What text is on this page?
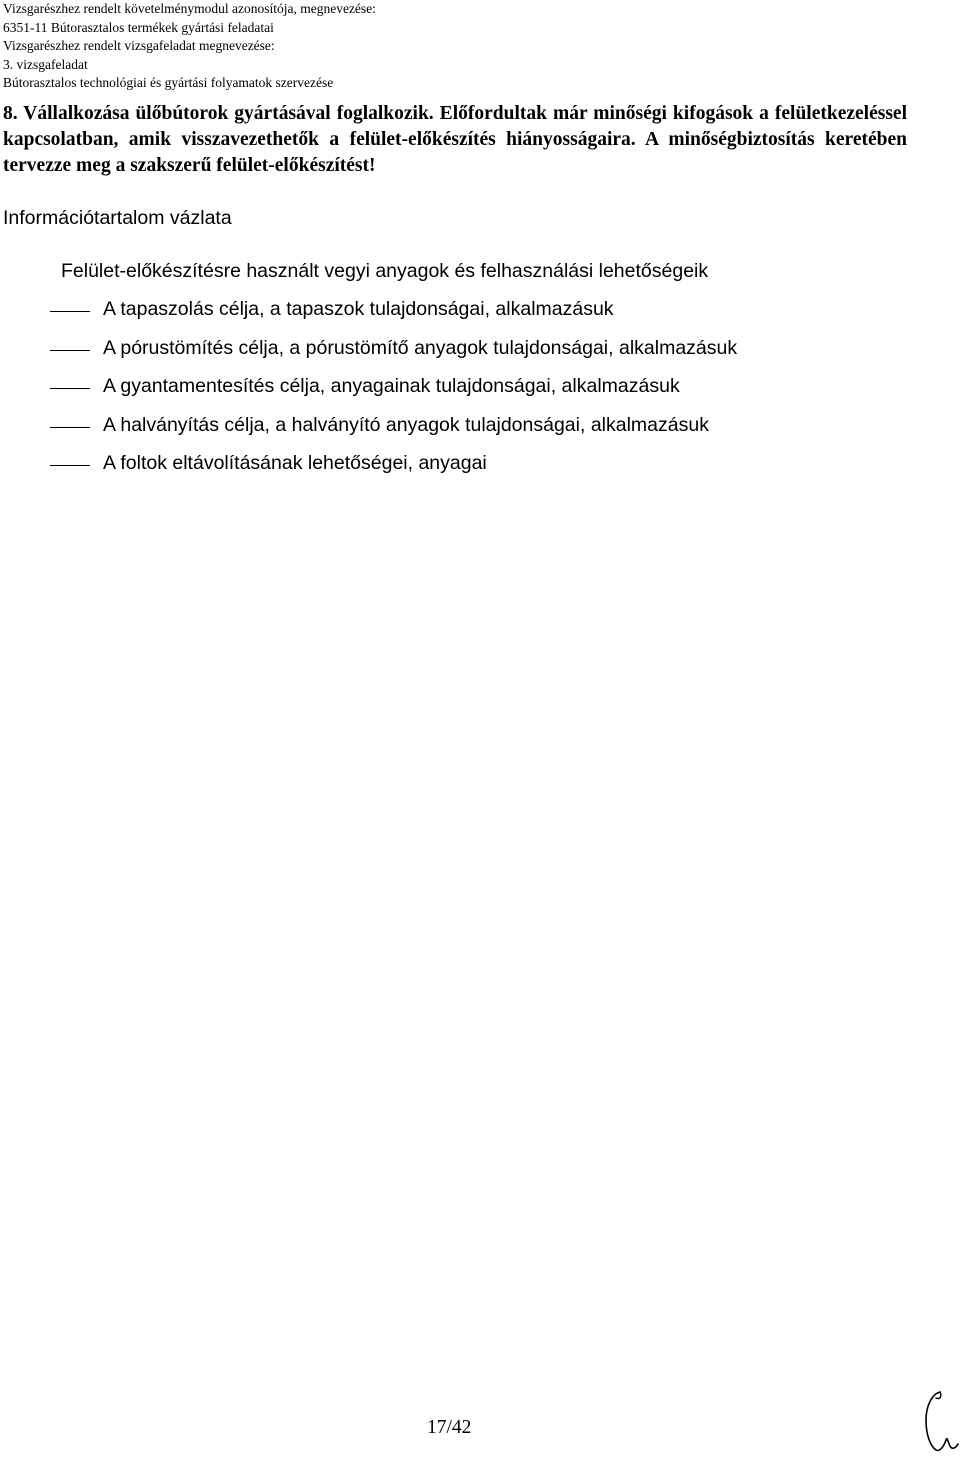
Vizsgarészhez rendelt követelménymodul azonosítója, megnevezése:
6351-11 Bútorasztalos termékek gyártási feladatai
Vizsgarészhez rendelt vizsgafeladat megnevezése:
3. vizsgafeladat
Bútorasztalos technológiai és gyártási folyamatok szervezése
8. Vállalkozása ülőbútorok gyártásával foglalkozik. Előfordultak már minőségi kifogások a felületkezeléssel kapcsolatban, amik visszavezethetők a felület-előkészítés hiányosságaira. A minőségbiztosítás keretében tervezze meg a szakszerű felület-előkészítést!
Információtartalom vázlata
Felület-előkészítésre használt vegyi anyagok és felhasználási lehetőségeik
A tapaszolás célja, a tapaszok tulajdonságai, alkalmazásuk
A pórustömítés célja, a pórustömítő anyagok tulajdonságai, alkalmazásuk
A gyantamentesítés célja, anyagainak tulajdonságai, alkalmazásuk
A halványítás célja, a halványító anyagok tulajdonságai, alkalmazásuk
A foltok eltávolításának lehetőségei, anyagai
17/42
